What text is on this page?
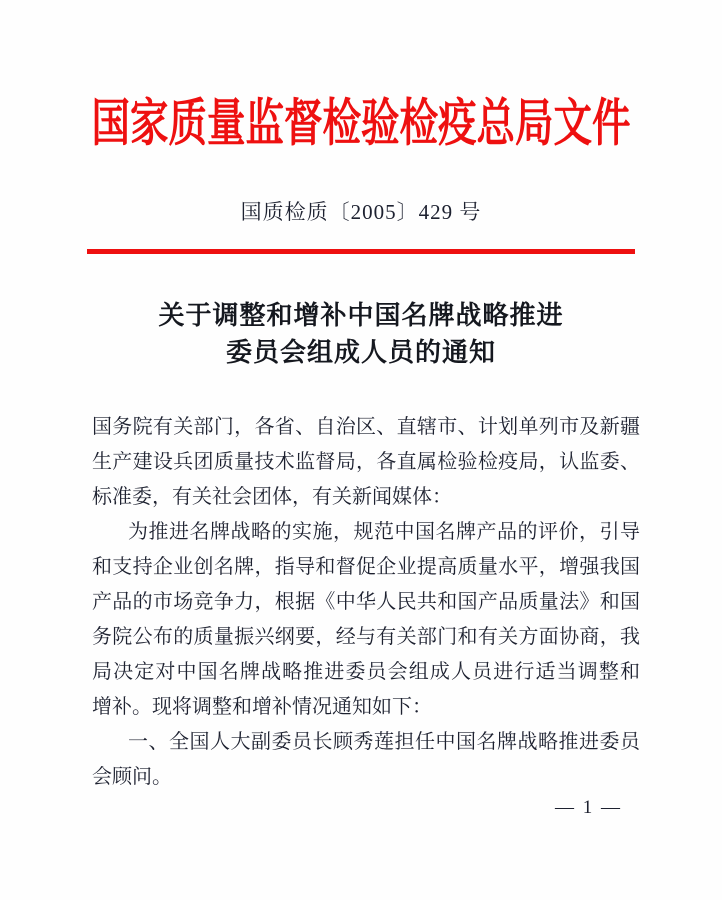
国家质量监督检验检疫总局文件
国质检质〔2005〕429 号
关于调整和增补中国名牌战略推进
委员会组成人员的通知
国务院有关部门，各省、自治区、直辖市、计划单列市及新疆
生产建设兵团质量技术监督局，各直属检验检疫局，认监委、
标准委，有关社会团体，有关新闻媒体：
为推进名牌战略的实施，规范中国名牌产品的评价，引导
和支持企业创名牌，指导和督促企业提高质量水平，增强我国
产品的市场竞争力，根据《中华人民共和国产品质量法》和国
务院公布的质量振兴纲要，经与有关部门和有关方面协商，我
局决定对中国名牌战略推进委员会组成人员进行适当调整和
增补。现将调整和增补情况通知如下：
一、全国人大副委员长顾秀莲担任中国名牌战略推进委员
会顾问。
— 1 —
